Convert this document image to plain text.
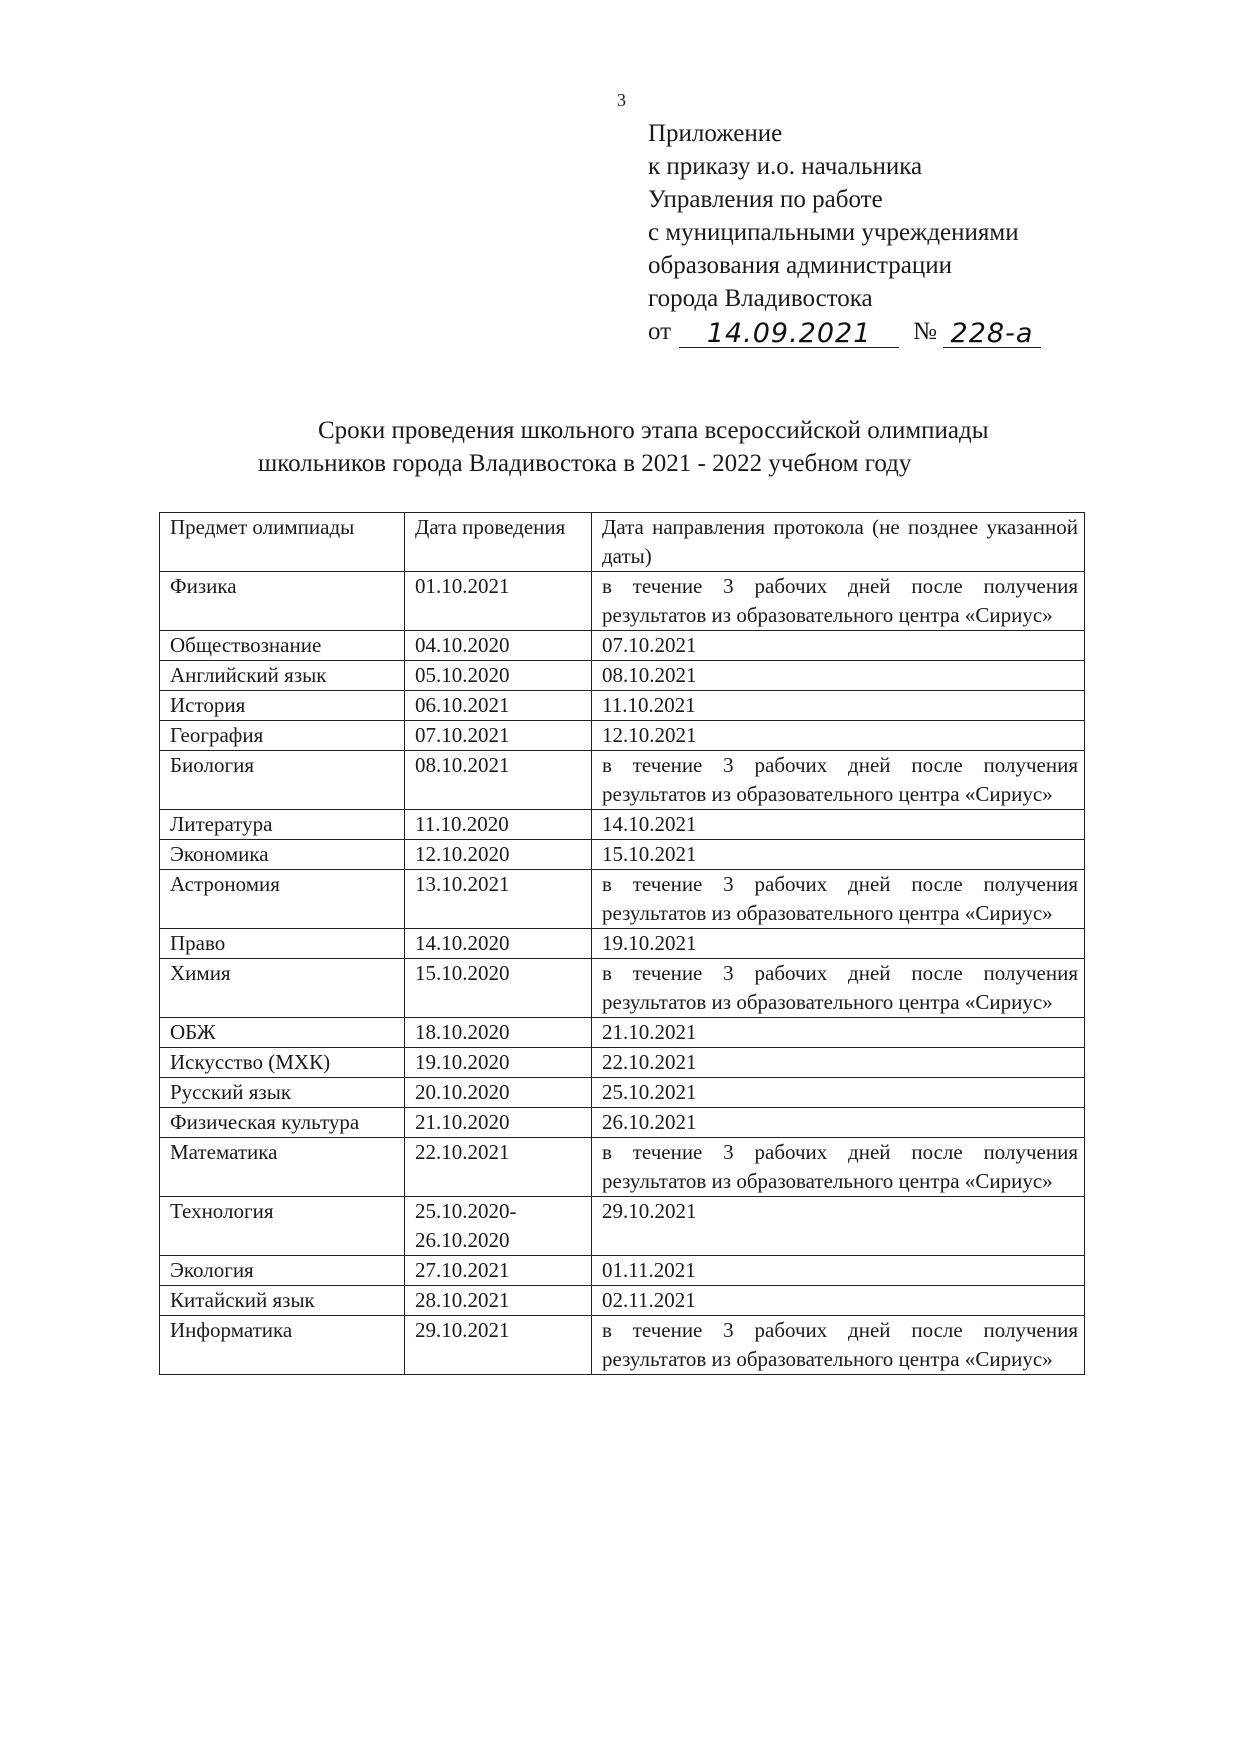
3
Приложение
к приказу и.о. начальника
Управления по работе
с муниципальными учреждениями
образования администрации
города Владивостока
от	14.09.2021	№ 228-а
Сроки проведения школьного этапа всероссийской олимпиады
школьников города Владивостока в 2021 - 2022 учебном году
Предмет олимпиады	Дата проведения	Дата направления протокола (не позднее указанной даты)
Физика	01.10.2021	в течение 3 рабочих дней после получения результатов из образовательного центра «Сириус»
Обществознание	04.10.2020	07.10.2021
Английский язык	05.10.2020	08.10.2021
История	06.10.2021	11.10.2021
География	07.10.2021	12.10.2021
Биология	08.10.2021	в течение 3 рабочих дней после получения результатов из образовательного центра «Сириус»
Литература	11.10.2020	14.10.2021
Экономика	12.10.2020	15.10.2021
Астрономия	13.10.2021	в течение 3 рабочих дней после получения результатов из образовательного центра «Сириус»
Право	14.10.2020	19.10.2021
Химия	15.10.2020	в течение 3 рабочих дней после получения результатов из образовательного центра «Сириус»
ОБЖ	18.10.2020	21.10.2021
Искусство (МХК)	19.10.2020	22.10.2021
Русский язык	20.10.2020	25.10.2021
Физическая культура	21.10.2020	26.10.2021
Математика	22.10.2021	в течение 3 рабочих дней после получения результатов из образовательного центра «Сириус»
Технология	25.10.2020-26.10.2020	29.10.2021
Экология	27.10.2021	01.11.2021
Китайский язык	28.10.2021	02.11.2021
Информатика	29.10.2021	в течение 3 рабочих дней после получения результатов из образовательного центра «Сириус»
